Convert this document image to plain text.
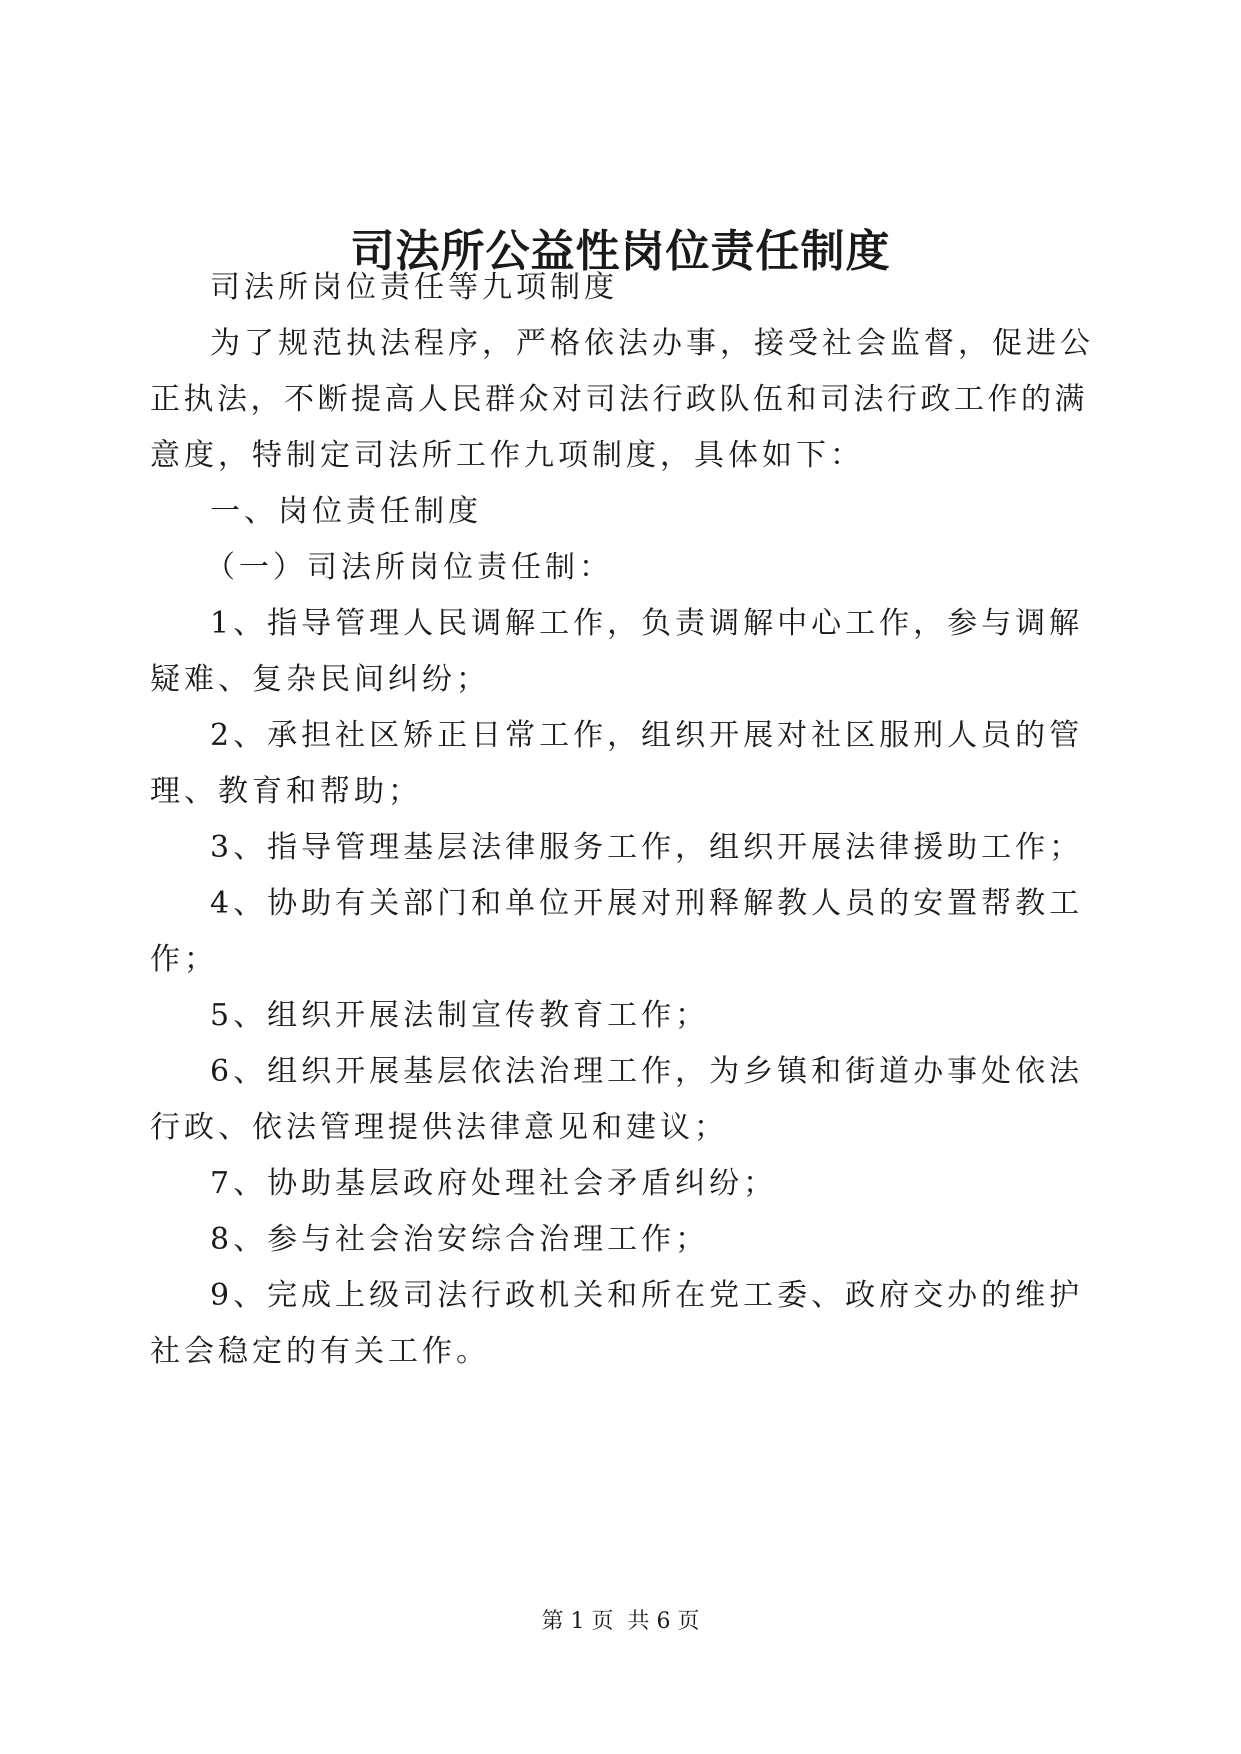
司法所公益性岗位责任制度
司法所岗位责任等九项制度
为了规范执法程序，严格依法办事，接受社会监督，促进公
正执法，不断提高人民群众对司法行政队伍和司法行政工作的满
意度，特制定司法所工作九项制度，具体如下：
一、岗位责任制度
（一）司法所岗位责任制：
1、指导管理人民调解工作，负责调解中心工作，参与调解
疑难、复杂民间纠纷；
2、承担社区矫正日常工作，组织开展对社区服刑人员的管
理、教育和帮助；
3、指导管理基层法律服务工作，组织开展法律援助工作；
4、协助有关部门和单位开展对刑释解教人员的安置帮教工
作；
5、组织开展法制宣传教育工作；
6、组织开展基层依法治理工作，为乡镇和街道办事处依法
行政、依法管理提供法律意见和建议；
7、协助基层政府处理社会矛盾纠纷；
8、参与社会治安综合治理工作；
9、完成上级司法行政机关和所在党工委、政府交办的维护
社会稳定的有关工作。
第 1 页  共 6 页
